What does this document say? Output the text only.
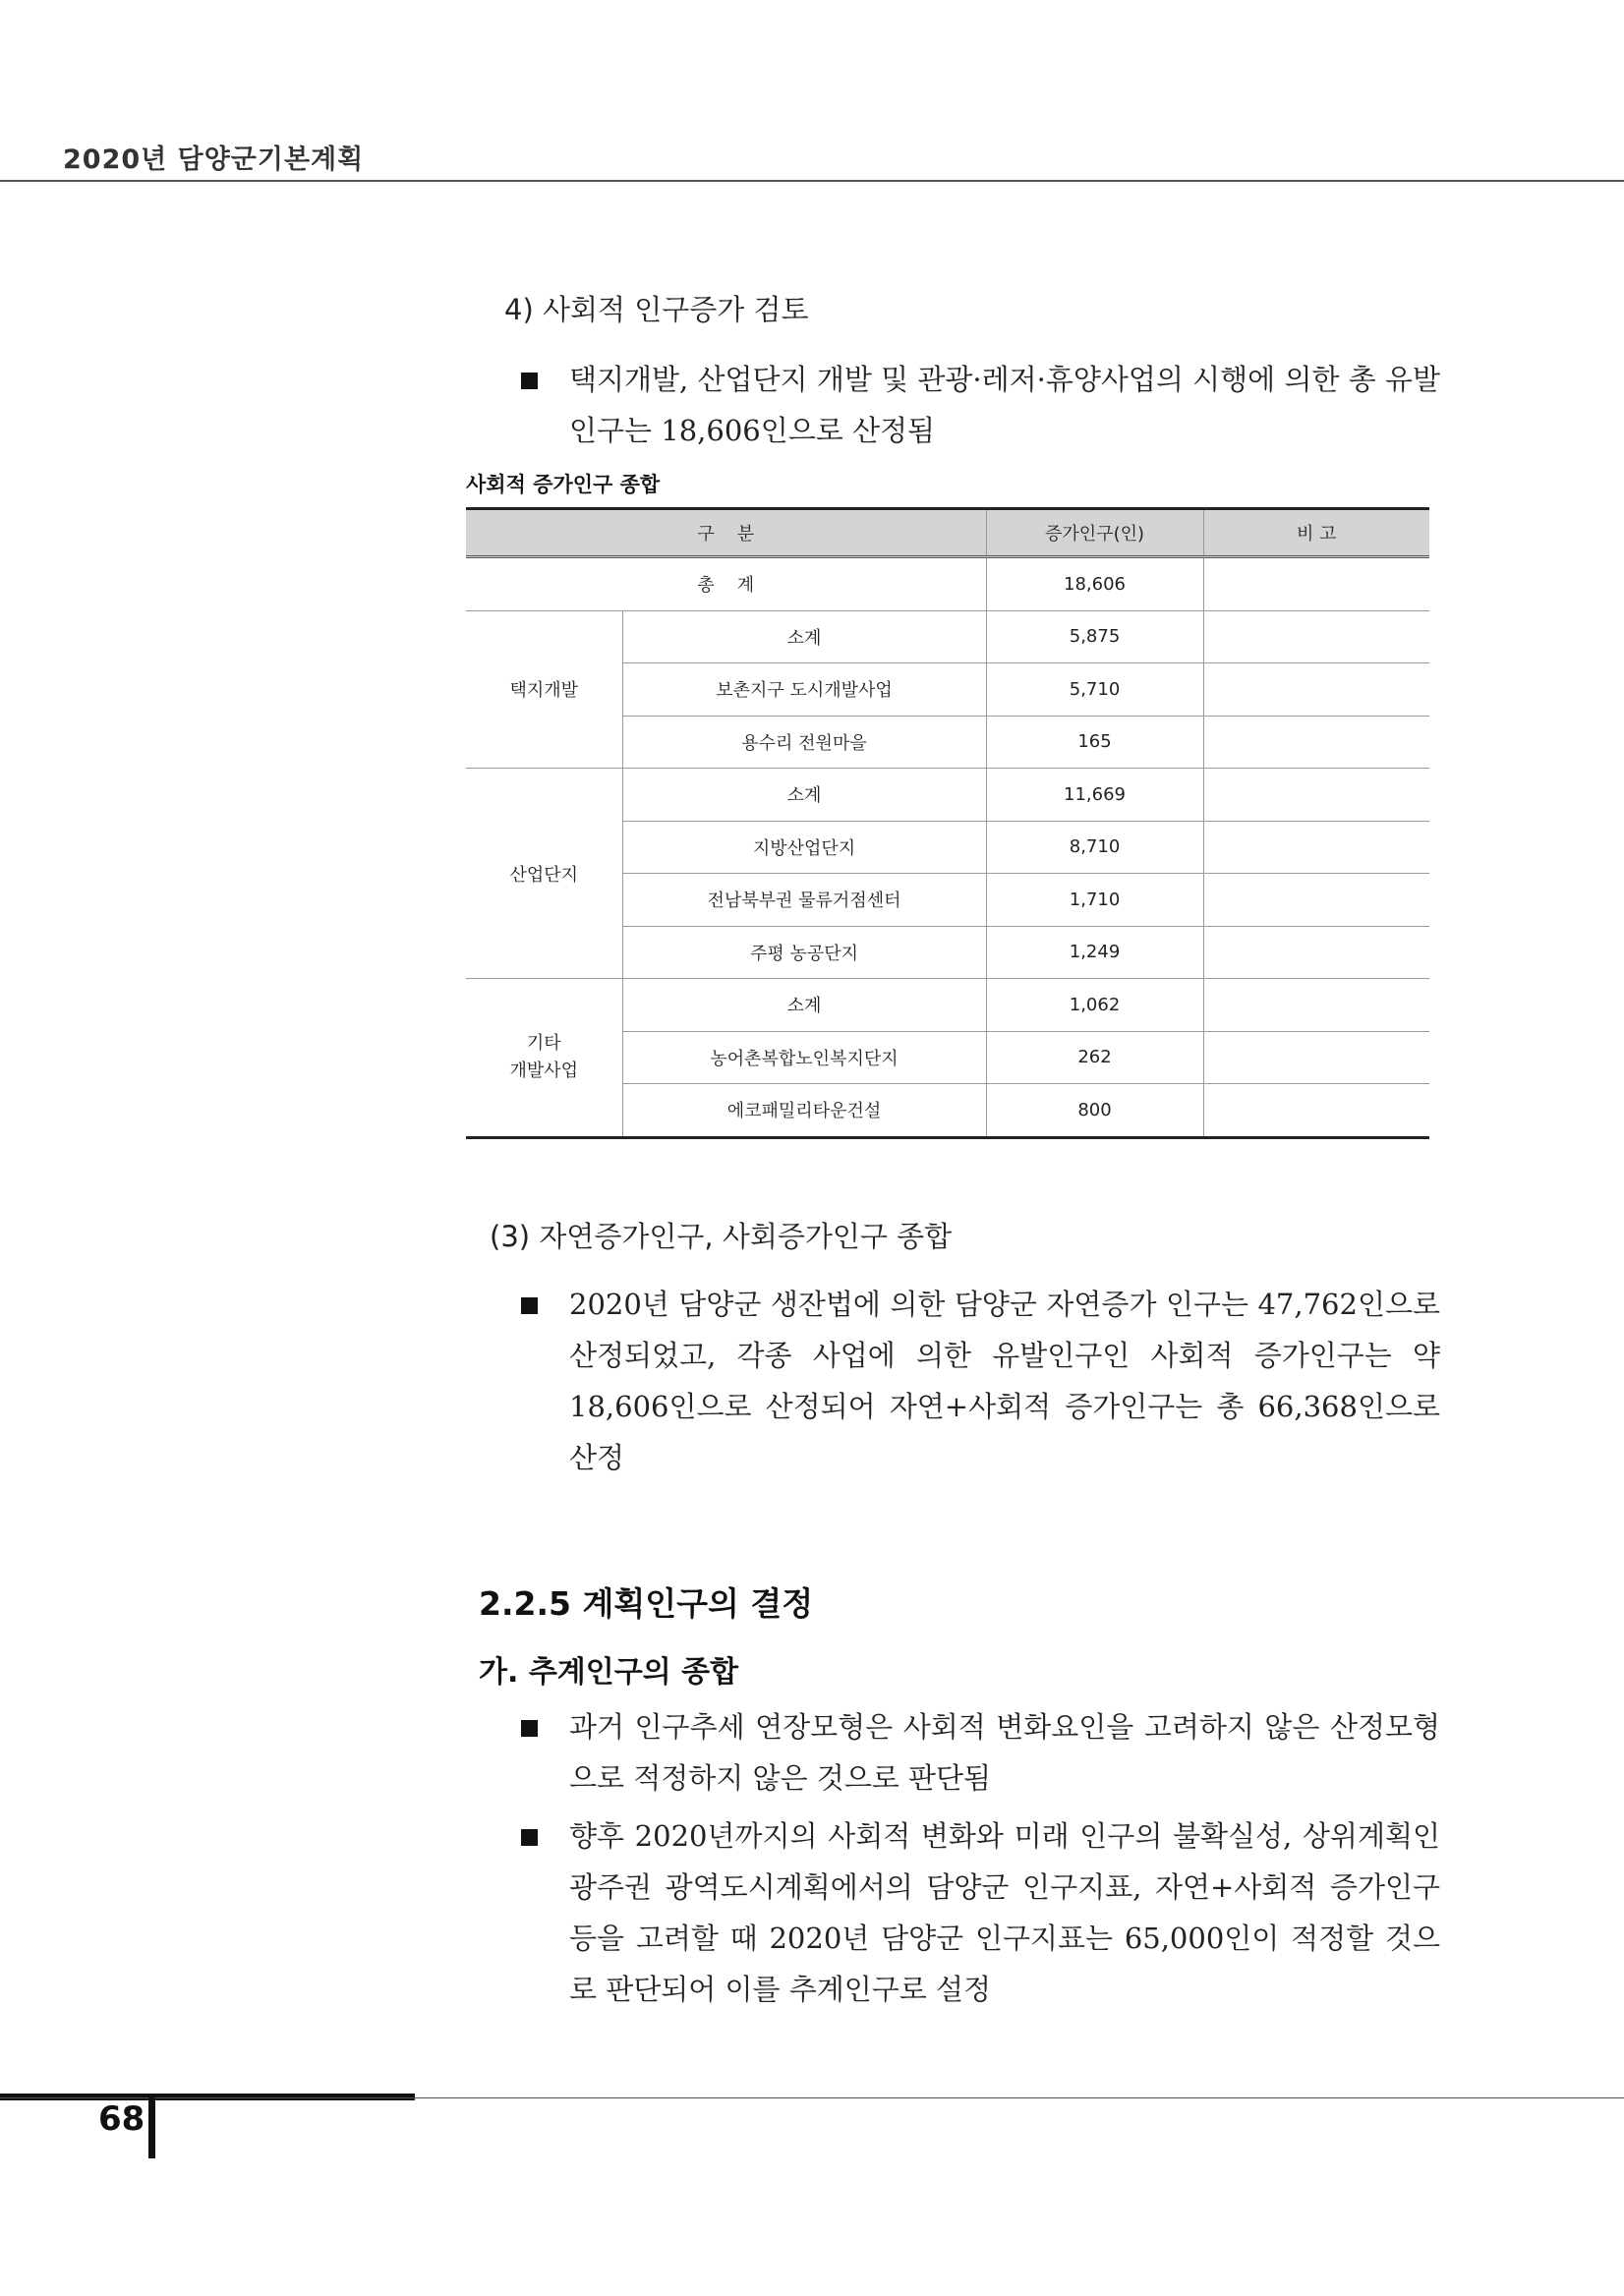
2020년 담양군기본계획
4) 사회적 인구증가 검토
택지개발, 산업단지 개발 및 관광·레저·휴양사업의 시행에 의한 총 유발인구는 18,606인으로 산정됨
사회적 증가인구 종합
구    분		증가인구(인)	비 고
총    계		18,606	
택지개발	소계	5,875	
	보촌지구 도시개발사업	5,710	
	용수리 전원마을	165	
산업단지	소계	11,669	
	지방산업단지	8,710	
	전남북부권 물류거점센터	1,710	
	주평 농공단지	1,249	
기타
개발사업	소계	1,062	
	농어촌복합노인복지단지	262	
	에코패밀리타운건설	800	
(3) 자연증가인구, 사회증가인구 종합
2020년 담양군 생잔법에 의한 담양군 자연증가 인구는 47,762인으로 산정되었고, 각종 사업에 의한 유발인구인 사회적 증가인구는 약 18,606인으로 산정되어 자연+사회적 증가인구는 총 66,368인으로 산정
2.2.5 계획인구의 결정
가. 추계인구의 종합
과거 인구추세 연장모형은 사회적 변화요인을 고려하지 않은 산정모형으로 적정하지 않은 것으로 판단됨
향후 2020년까지의 사회적 변화와 미래 인구의 불확실성, 상위계획인 광주권 광역도시계획에서의 담양군 인구지표, 자연+사회적 증가인구 등을 고려할 때 2020년 담양군 인구지표는 65,000인이 적정할 것으로 판단되어 이를 추계인구로 설정
68
